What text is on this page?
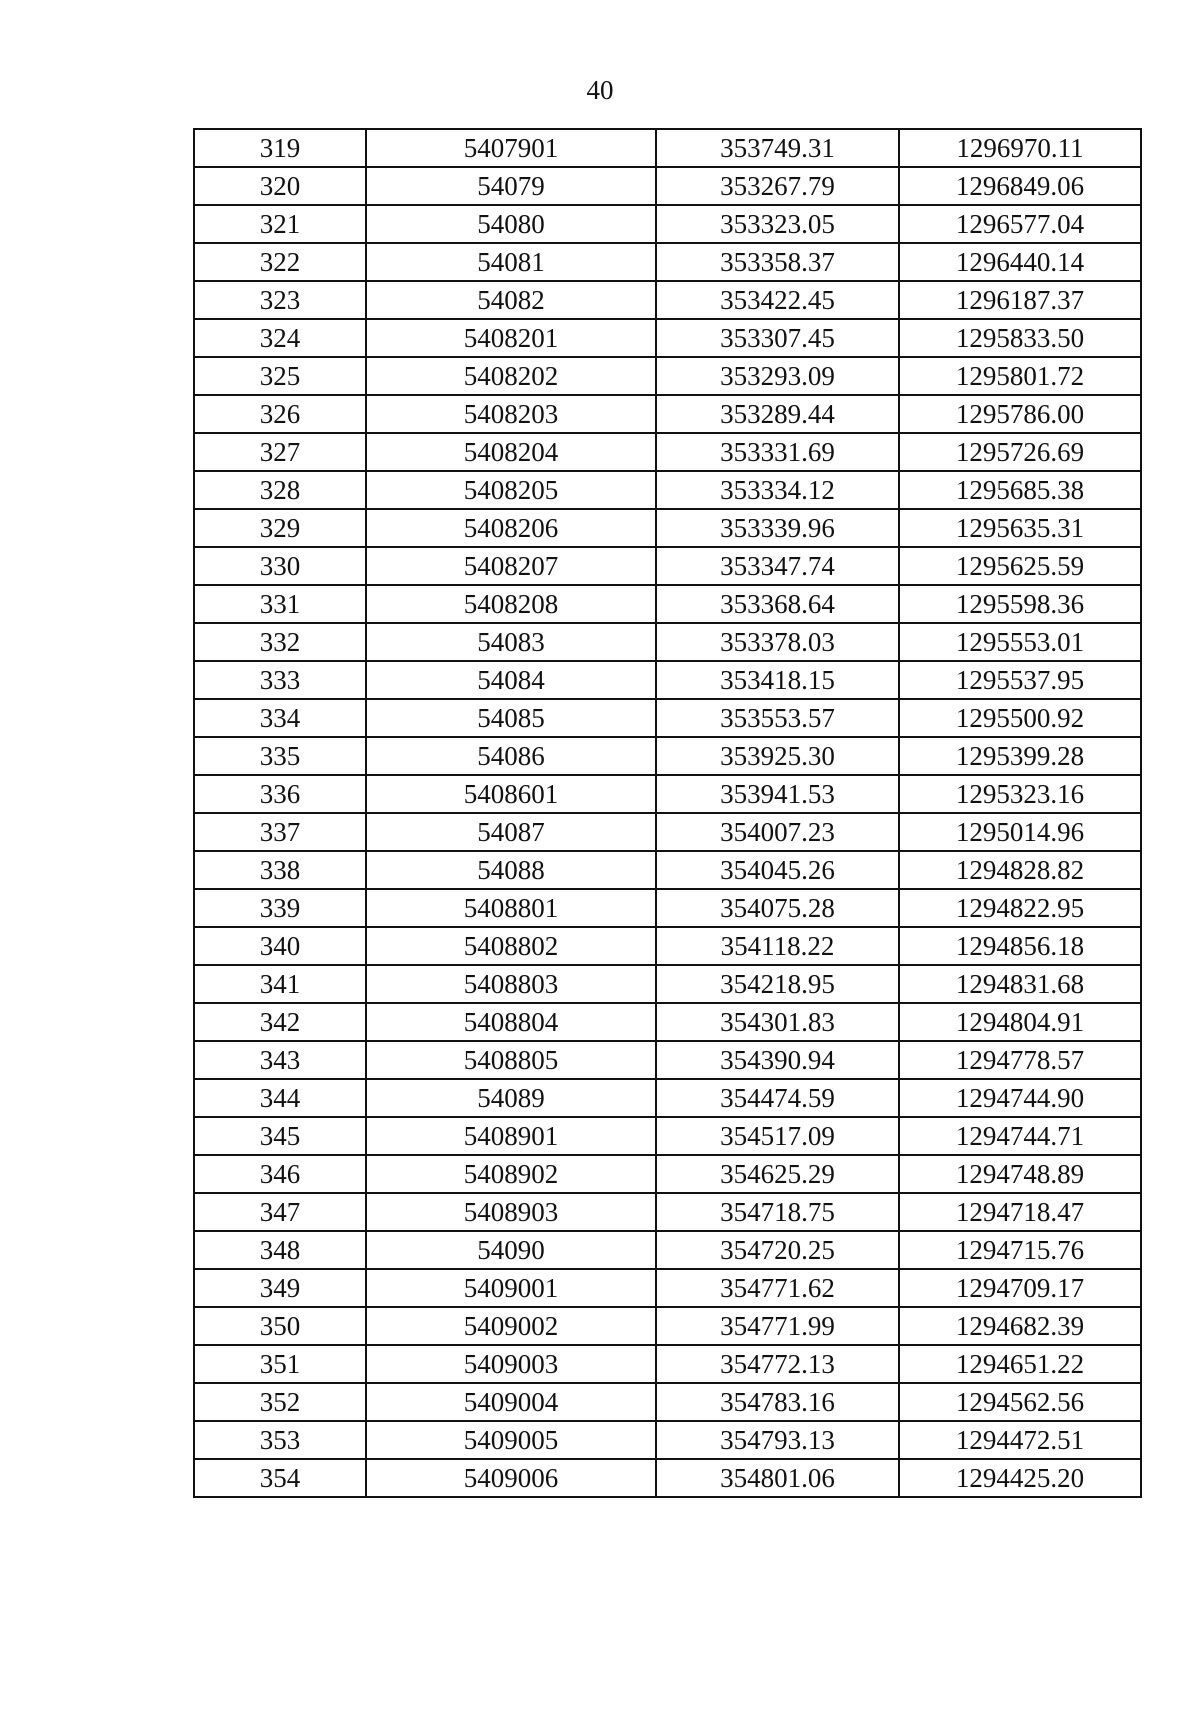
40
319	5407901	353749.31	1296970.11
320	54079	353267.79	1296849.06
321	54080	353323.05	1296577.04
322	54081	353358.37	1296440.14
323	54082	353422.45	1296187.37
324	5408201	353307.45	1295833.50
325	5408202	353293.09	1295801.72
326	5408203	353289.44	1295786.00
327	5408204	353331.69	1295726.69
328	5408205	353334.12	1295685.38
329	5408206	353339.96	1295635.31
330	5408207	353347.74	1295625.59
331	5408208	353368.64	1295598.36
332	54083	353378.03	1295553.01
333	54084	353418.15	1295537.95
334	54085	353553.57	1295500.92
335	54086	353925.30	1295399.28
336	5408601	353941.53	1295323.16
337	54087	354007.23	1295014.96
338	54088	354045.26	1294828.82
339	5408801	354075.28	1294822.95
340	5408802	354118.22	1294856.18
341	5408803	354218.95	1294831.68
342	5408804	354301.83	1294804.91
343	5408805	354390.94	1294778.57
344	54089	354474.59	1294744.90
345	5408901	354517.09	1294744.71
346	5408902	354625.29	1294748.89
347	5408903	354718.75	1294718.47
348	54090	354720.25	1294715.76
349	5409001	354771.62	1294709.17
350	5409002	354771.99	1294682.39
351	5409003	354772.13	1294651.22
352	5409004	354783.16	1294562.56
353	5409005	354793.13	1294472.51
354	5409006	354801.06	1294425.20
